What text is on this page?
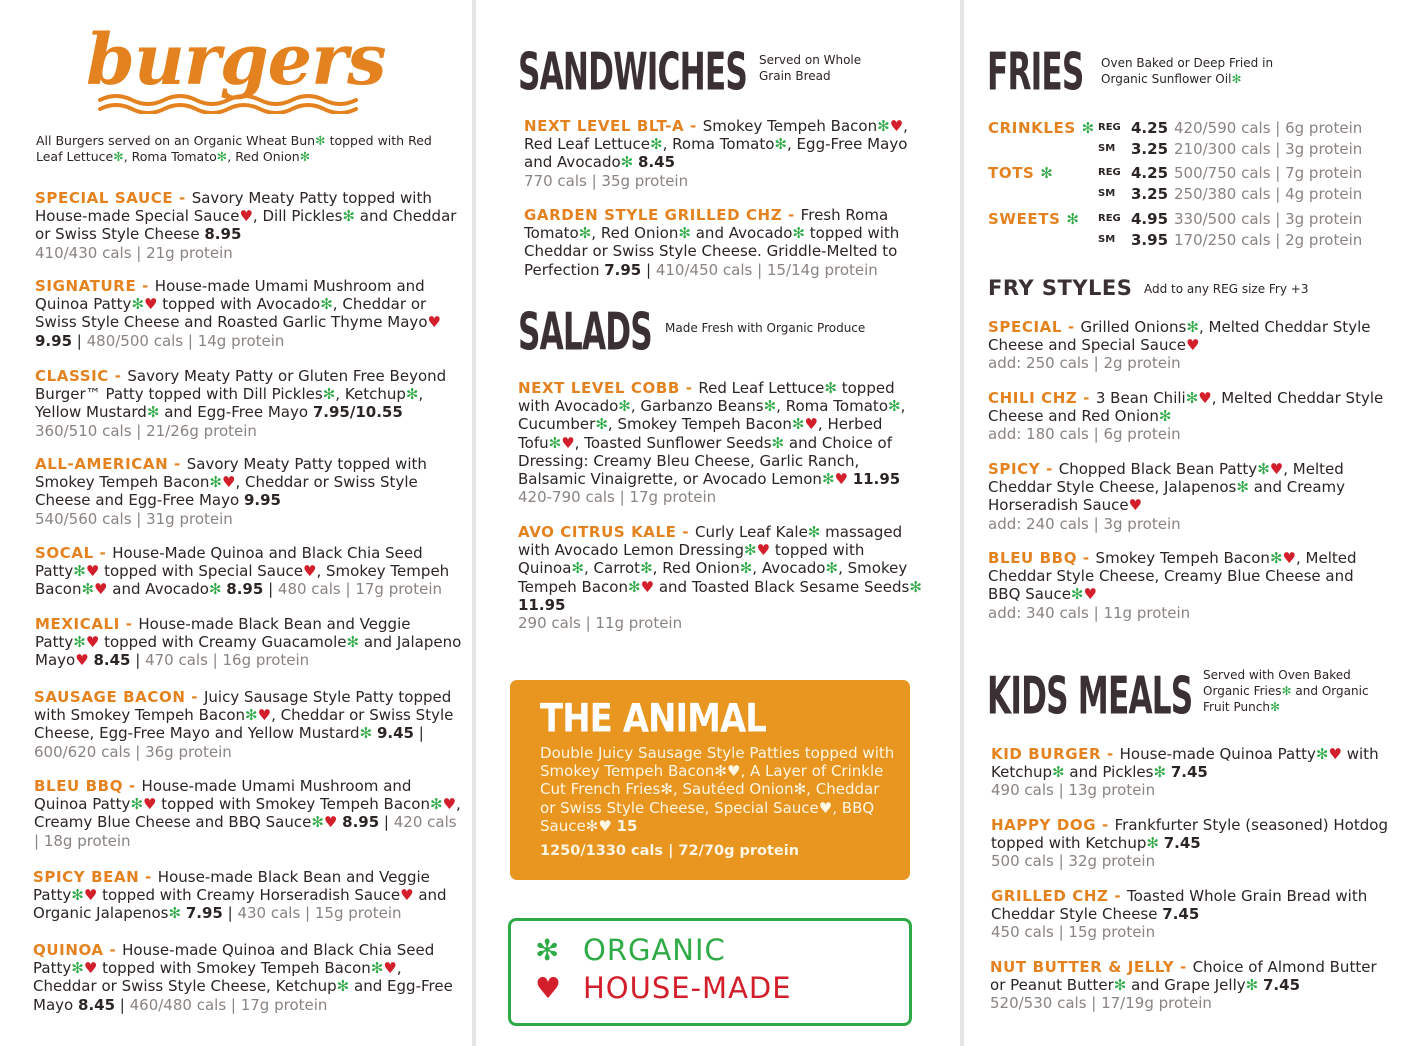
burgers
All Burgers served on an Organic Wheat Bun✻ topped with Red Leaf Lettuce✻, Roma Tomato✻, Red Onion✻
SPECIAL SAUCE - Savory Meaty Patty topped with House-made Special Sauce♥, Dill Pickles✻ and Cheddar or Swiss Style Cheese 8.95
410/430 cals | 21g protein
SIGNATURE - House-made Umami Mushroom and Quinoa Patty✻♥ topped with Avocado✻, Cheddar or Swiss Style Cheese and Roasted Garlic Thyme Mayo♥ 9.95 | 480/500 cals | 14g protein
CLASSIC - Savory Meaty Patty or Gluten Free Beyond Burger™ Patty topped with Dill Pickles✻, Ketchup✻, Yellow Mustard✻ and Egg-Free Mayo 7.95/10.55
360/510 cals | 21/26g protein
ALL-AMERICAN - Savory Meaty Patty topped with Smokey Tempeh Bacon✻♥, Cheddar or Swiss Style Cheese and Egg-Free Mayo 9.95
540/560 cals | 31g protein
SOCAL - House-Made Quinoa and Black Chia Seed Patty✻♥ topped with Special Sauce♥, Smokey Tempeh Bacon✻♥ and Avocado✻ 8.95 | 480 cals | 17g protein
MEXICALI - House-made Black Bean and Veggie Patty✻♥ topped with Creamy Guacamole✻ and Jalapeno Mayo♥ 8.45 | 470 cals | 16g protein
SAUSAGE BACON - Juicy Sausage Style Patty topped with Smokey Tempeh Bacon✻♥, Cheddar or Swiss Style Cheese, Egg-Free Mayo and Yellow Mustard✻ 9.45 | 600/620 cals | 36g protein
BLEU BBQ - House-made Umami Mushroom and Quinoa Patty✻♥ topped with Smokey Tempeh Bacon✻♥, Creamy Blue Cheese and BBQ Sauce✻♥ 8.95 | 420 cals | 18g protein
SPICY BEAN - House-made Black Bean and Veggie Patty✻♥ topped with Creamy Horseradish Sauce♥ and Organic Jalapenos✻ 7.95 | 430 cals | 15g protein
QUINOA - House-made Quinoa and Black Chia Seed Patty✻♥ topped with Smokey Tempeh Bacon✻♥, Cheddar or Swiss Style Cheese, Ketchup✻ and Egg-Free Mayo 8.45 | 460/480 cals | 17g protein
SANDWICHES Served on Whole Grain Bread
NEXT LEVEL BLT-A - Smokey Tempeh Bacon✻♥, Red Leaf Lettuce✻, Roma Tomato✻, Egg-Free Mayo and Avocado✻ 8.45
770 cals | 35g protein
GARDEN STYLE GRILLED CHZ - Fresh Roma Tomato✻, Red Onion✻ and Avocado✻ topped with Cheddar or Swiss Style Cheese. Griddle-Melted to Perfection 7.95 | 410/450 cals | 15/14g protein
SALADS Made Fresh with Organic Produce
NEXT LEVEL COBB - Red Leaf Lettuce✻ topped with Avocado✻, Garbanzo Beans✻, Roma Tomato✻, Cucumber✻, Smokey Tempeh Bacon✻♥, Herbed Tofu✻♥, Toasted Sunfower Seeds✻ and Choice of Dressing: Creamy Bleu Cheese, Garlic Ranch, Balsamic Vinaigrette, or Avocado Lemon✻♥ 11.95
420-790 cals | 17g protein
AVO CITRUS KALE - Curly Leaf Kale✻ massaged with Avocado Lemon Dressing✻♥ topped with Quinoa✻, Carrot✻, Red Onion✻, Avocado✻, Smokey Tempeh Bacon✻♥ and Toasted Black Sesame Seeds✻ 11.95
290 cals | 11g protein
THE ANIMAL
Double Juicy Sausage Style Patties topped with Smokey Tempeh Bacon✻♥, A Layer of Crinkle Cut French Fries✻, Sautéed Onion✻, Cheddar or Swiss Style Cheese, Special Sauce♥, BBQ Sauce✻♥ 15
1250/1330 cals | 72/70g protein
✻ ORGANIC
♥ HOUSE-MADE
FRIES Oven Baked or Deep Fried in Organic Sunfower Oil✻
CRINKLES ✻ REG 4.25 420/590 cals | 6g protein
SM 3.25 210/300 cals | 3g protein
TOTS ✻	REG 4.25 500/750 cals | 7g protein
SM 3.25 250/380 cals | 4g protein
SWEETS ✻ REG 4.95 330/500 cals | 3g protein
SM 3.95 170/250 cals | 2g protein
FRY STYLES Add to any REG size Fry +3
SPECIAL - Grilled Onions✻, Melted Cheddar Style Cheese and Special Sauce♥
add: 250 cals | 2g protein
CHILI CHZ - 3 Bean Chili✻♥, Melted Cheddar Style Cheese and Red Onion✻
add: 180 cals | 6g protein
SPICY - Chopped Black Bean Patty✻♥, Melted Cheddar Style Cheese, Jalapenos✻ and Creamy Horseradish Sauce♥
add: 240 cals | 3g protein
BLEU BBQ - Smokey Tempeh Bacon✻♥, Melted Cheddar Style Cheese, Creamy Blue Cheese and BBQ Sauce✻♥
add: 340 cals | 11g protein
KIDS MEALS Served with Oven Baked Organic Fries✻ and Organic Fruit Punch✻
KID BURGER - House-made Quinoa Patty✻♥ with Ketchup✻ and Pickles✻ 7.45
490 cals | 13g protein
HAPPY DOG - Frankfurter Style (seasoned) Hotdog topped with Ketchup✻ 7.45
500 cals | 32g protein
GRILLED CHZ - Toasted Whole Grain Bread with Cheddar Style Cheese 7.45
450 cals | 15g protein
NUT BUTTER & JELLY - Choice of Almond Butter or Peanut Butter✻ and Grape Jelly✻ 7.45
520/530 cals | 17/19g protein
